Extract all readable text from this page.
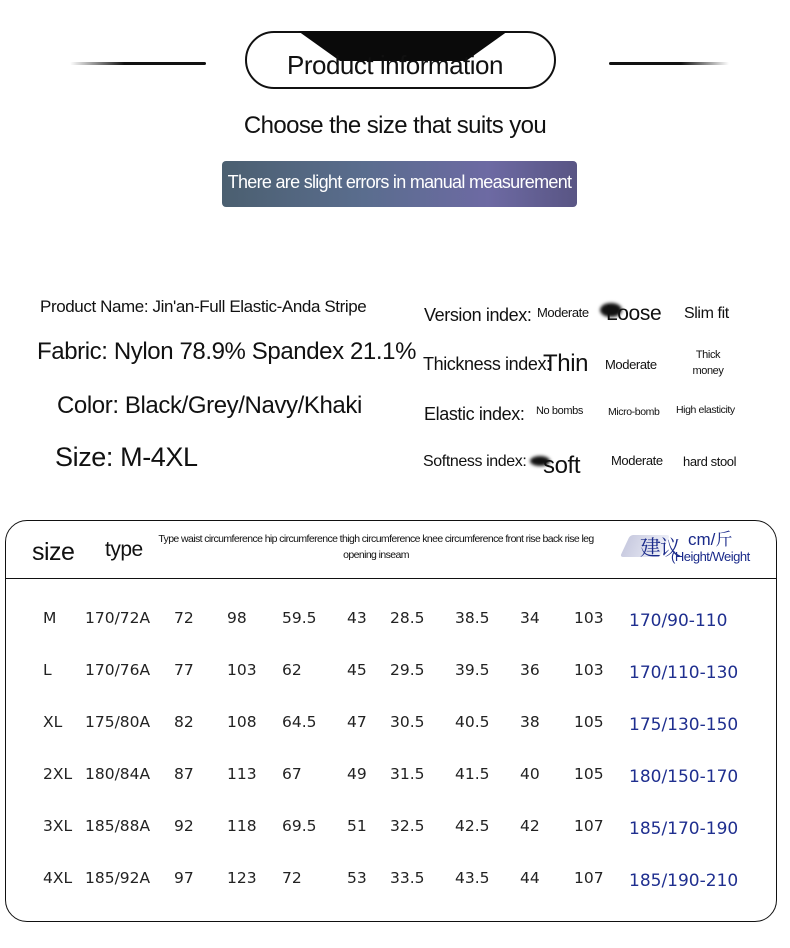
Product information
Choose the size that suits you
There are slight errors in manual measurement
Product Name: Jin'an-Full Elastic-Anda Stripe
Fabric: Nylon 78.9% Spandex 21.1%
Color: Black/Grey/Navy/Khaki
Size: M-4XL
Version index: Moderate Loose Slim fit
Thickness index:
Thin Moderate
Thick money
Elastic index: No bombs Micro-bomb High elasticity
Softness index: soft Moderate hard stool
size type	Type waist circumference hip circumference thigh circumference knee circumference front rise back rise leg opening inseam	建议 cm/斤
(Height/Weight
M 170/72A 72 98 59.5 43 28.5 38.5 34 103 170/90-110
L 170/76A 77 103 62	45 29.5 39.5 36 103 170/110-130
XL 175/80A 82 108 64.5 47 30.5 40.5 38 105 175/130-150
2XL 180/84A 87 113 67	49 31.5 41.5 40 105 180/150-170
3XL 185/88A 92 118 69.5 51 32.5 42.5 42 107 185/170-190
4XL 185/92A 97 123 72	53 33.5 43.5 44 107 185/190-210
